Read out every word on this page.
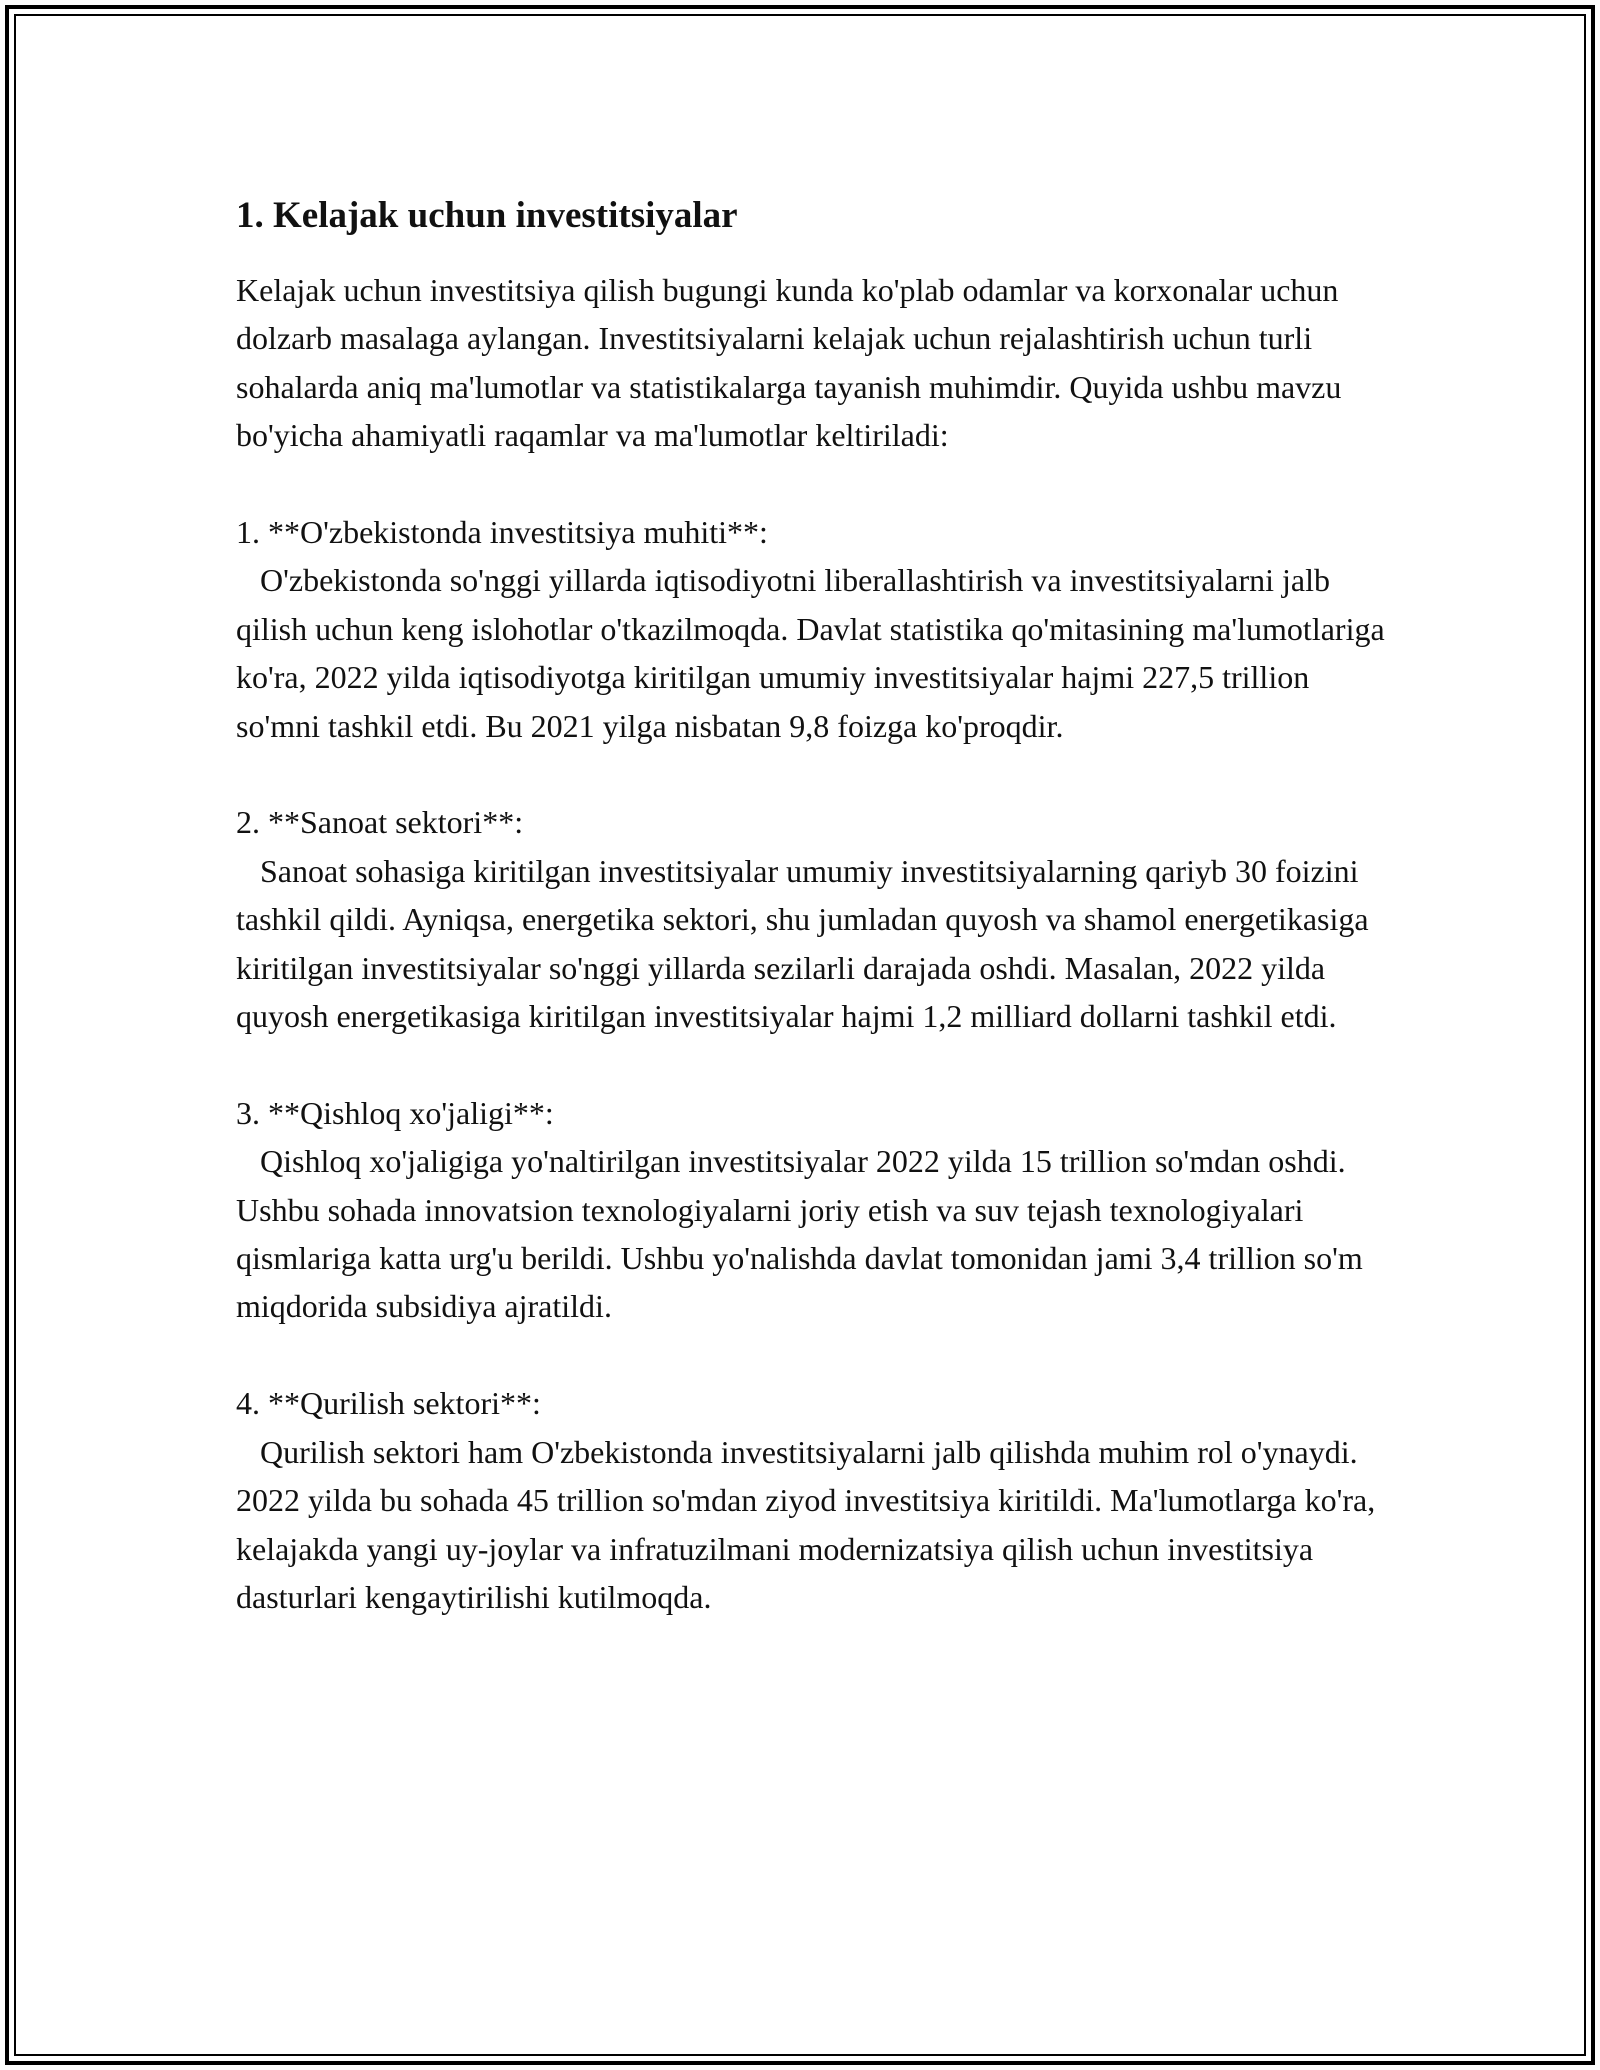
1. Kelajak uchun investitsiyalar

Kelajak uchun investitsiya qilish bugungi kunda ko'plab odamlar va korxonalar uchun dolzarb masalaga aylangan. Investitsiyalarni kelajak uchun rejalashtirish uchun turli sohalarda aniq ma'lumotlar va statistikalarga tayanish muhimdir. Quyida ushbu mavzu bo'yicha ahamiyatli raqamlar va ma'lumotlar keltiriladi:

1. **O'zbekistonda investitsiya muhiti**:

O'zbekistonda so'nggi yillarda iqtisodiyotni liberallashtirish va investitsiyalarni jalb qilish uchun keng islohotlar o'tkazilmoqda. Davlat statistika qo'mitasining ma'lumotlariga ko'ra, 2022 yilda iqtisodiyotga kiritilgan umumiy investitsiyalar hajmi 227,5 trillion so'mni tashkil etdi. Bu 2021 yilga nisbatan 9,8 foizga ko'proqdir.

2. **Sanoat sektori**:

Sanoat sohasiga kiritilgan investitsiyalar umumiy investitsiyalarning qariyb 30 foizini tashkil qildi. Ayniqsa, energetika sektori, shu jumladan quyosh va shamol energetikasiga kiritilgan investitsiyalar so'nggi yillarda sezilarli darajada oshdi. Masalan, 2022 yilda quyosh energetikasiga kiritilgan investitsiyalar hajmi 1,2 milliard dollarni tashkil etdi.

3. **Qishloq xo'jaligi**:

Qishloq xo'jaligiga yo'naltirilgan investitsiyalar 2022 yilda 15 trillion so'mdan oshdi. Ushbu sohada innovatsion texnologiyalarni joriy etish va suv tejash texnologiyalari qismlariga katta urg'u berildi. Ushbu yo'nalishda davlat tomonidan jami 3,4 trillion so'm miqdorida subsidiya ajratildi.

4. **Qurilish sektori**:

Qurilish sektori ham O'zbekistonda investitsiyalarni jalb qilishda muhim rol o'ynaydi. 2022 yilda bu sohada 45 trillion so'mdan ziyod investitsiya kiritildi. Ma'lumotlarga ko'ra, kelajakda yangi uy-joylar va infratuzilmani modernizatsiya qilish uchun investitsiya dasturlari kengaytirilishi kutilmoqda.
